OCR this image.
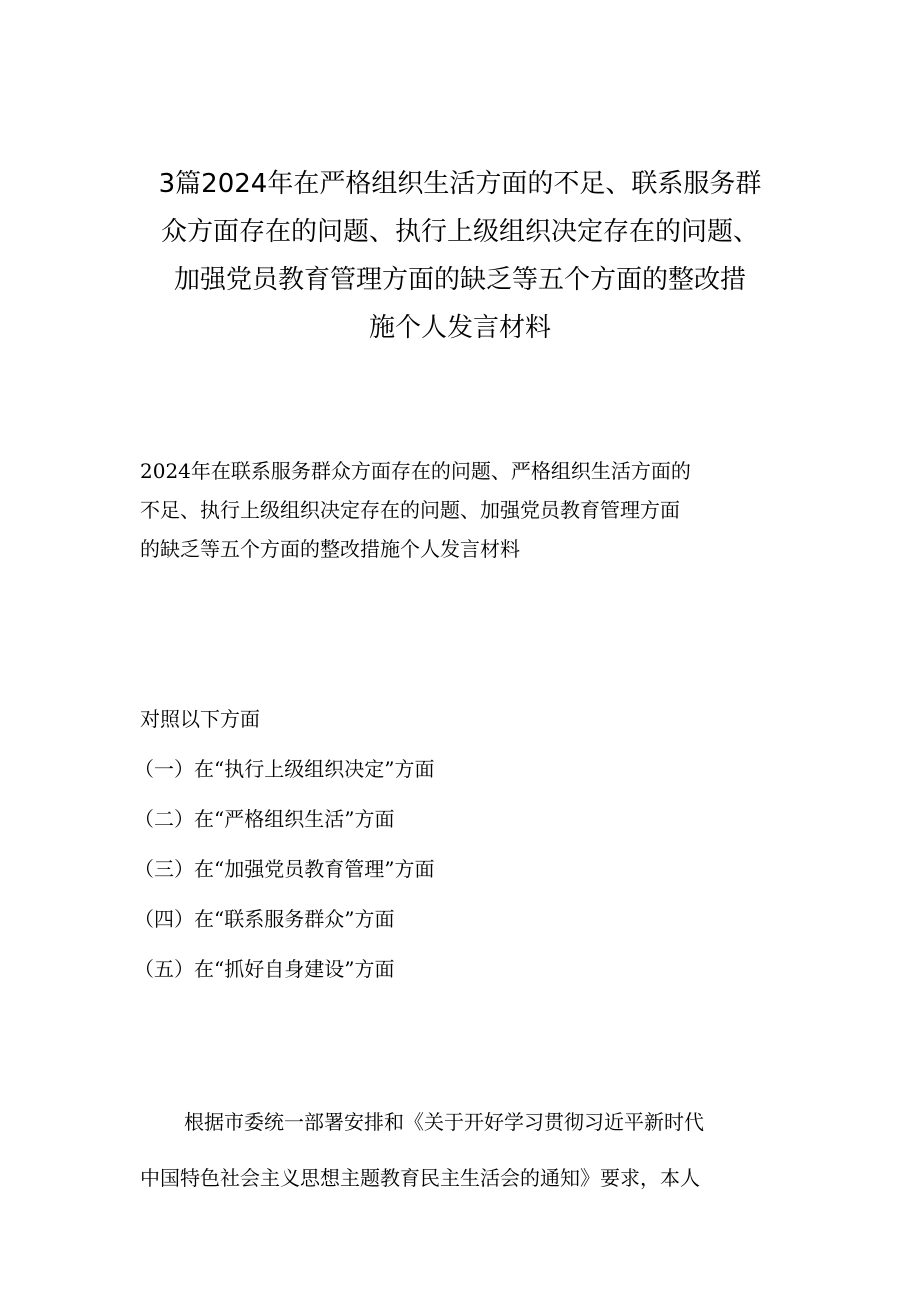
3篇2024年在严格组织生活方面的不足、联系服务群
众方面存在的问题、执行上级组织决定存在的问题、
加强党员教育管理方面的缺乏等五个方面的整改措
施个人发言材料

2024年在联系服务群众方面存在的问题、严格组织生活方面的
不足、执行上级组织决定存在的问题、加强党员教育管理方面
的缺乏等五个方面的整改措施个人发言材料

对照以下方面

（一）在“执行上级组织决定”方面
（二）在“严格组织生活”方面
（三）在“加强党员教育管理”方面
（四）在“联系服务群众”方面
（五）在“抓好自身建设”方面

根据市委统一部署安排和《关于开好学习贯彻习近平新时代
中国特色社会主义思想主题教育民主生活会的通知》要求，本人
